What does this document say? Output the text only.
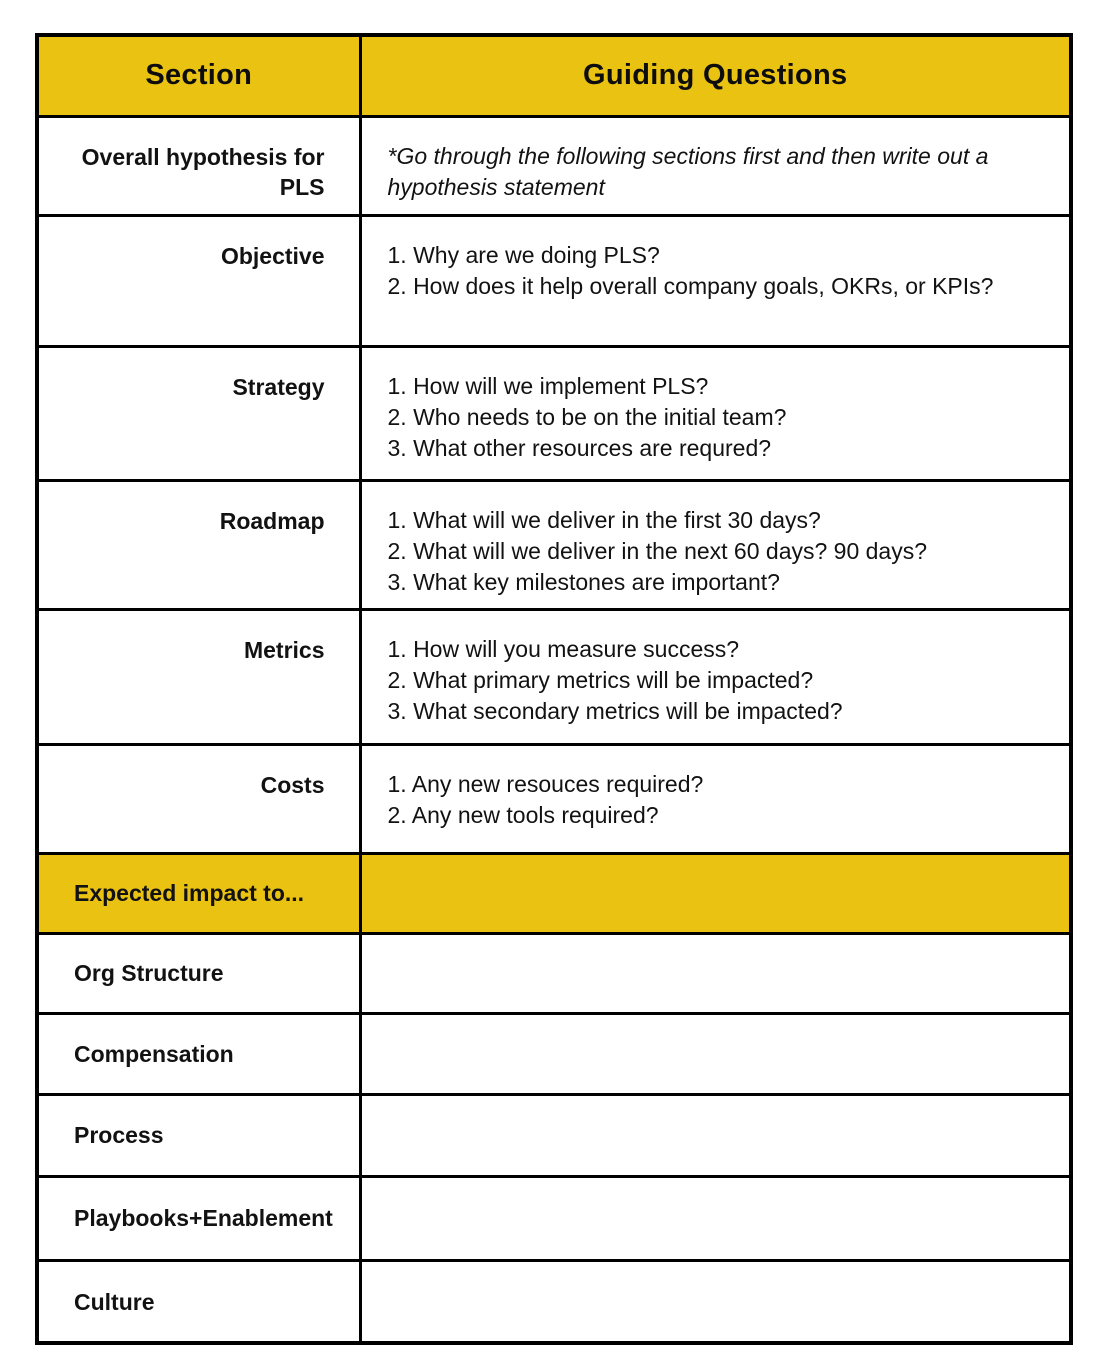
Section	Guiding Questions
Overall hypothesis for PLS	*Go through the following sections first and then write out a hypothesis statement

Objective	1. Why are we doing PLS?
2. How does it help overall company goals, OKRs, or KPIs?

Strategy	1. How will we implement PLS?
2. Who needs to be on the initial team?
3. What other resources are requred?

Roadmap	1. What will we deliver in the first 30 days?
2. What will we deliver in the next 60 days? 90 days?
3. What key milestones are important?

Metrics	1. How will you measure success?
2. What primary metrics will be impacted?
3. What secondary metrics will be impacted?

Costs	1. Any new resouces required?
2. Any new tools required?

Expected impact to...	
Org Structure	
Compensation	
Process	
Playbooks+Enablement	
Culture	
